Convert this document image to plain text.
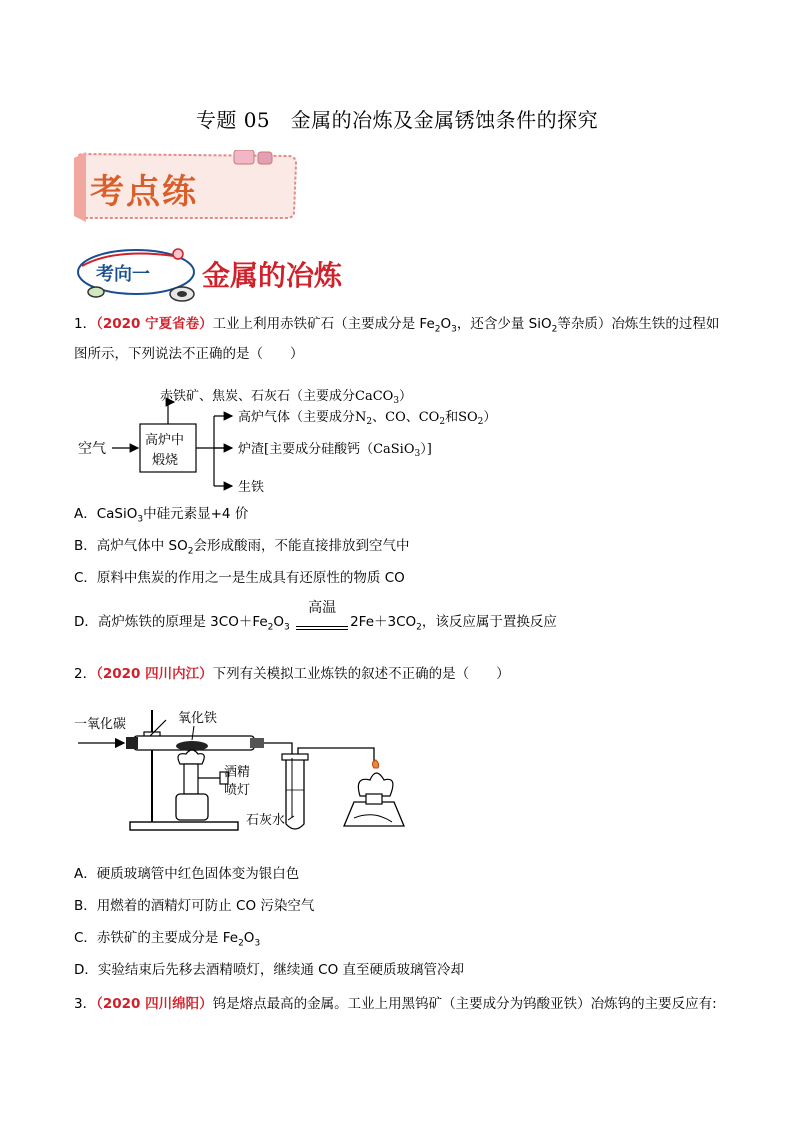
专题 05　金属的冶炼及金属锈蚀条件的探究
考点练
考向一 金属的冶炼
1．（2020 宁夏省卷）工业上利用赤铁矿石（主要成分是 $Fe_2O_3$，还含少量 SiO$_2$等杂质）冶炼生铁的过程如
图所示，下列说法不正确的是（　　）
空气
高炉中
煅烧
赤铁矿、焦炭、石灰石（主要成分CaCO$_3$）
高炉气体（主要成分$N_2$、CO、$CO_2$和$SO_2$）
炉渣[主要成分硅酸钙（CaSiO$_3$）]
生铁
A．CaSiO$_3$中硅元素显+4 价
B．高炉气体中 $SO_2$会形成酸雨，不能直接排放到空气中
C．原料中焦炭的作用之一是生成具有还原性的物质 CO
D．高炉炼铁的原理是 $3CO+Fe_2O_3$
高温
$2Fe+3CO_2$，该反应属于置换反应
2．（2020 四川内江）下列有关模拟工业炼铁的叙述不正确的是（　　）
一氧化碳	氧化铁
酒精
喷灯
石灰水
A．硬质玻璃管中红色固体变为银白色
B．用燃着的酒精灯可防止 CO 污染空气
C．赤铁矿的主要成分是 $Fe_2O_3$
D．实验结束后先移去酒精喷灯，继续通 CO 直至硬质玻璃管冷却
3．（2020 四川绵阳）钨是熔点最高的金属。工业上用黑钨矿（主要成分为钨酸亚铁）冶炼钨的主要反应有:
